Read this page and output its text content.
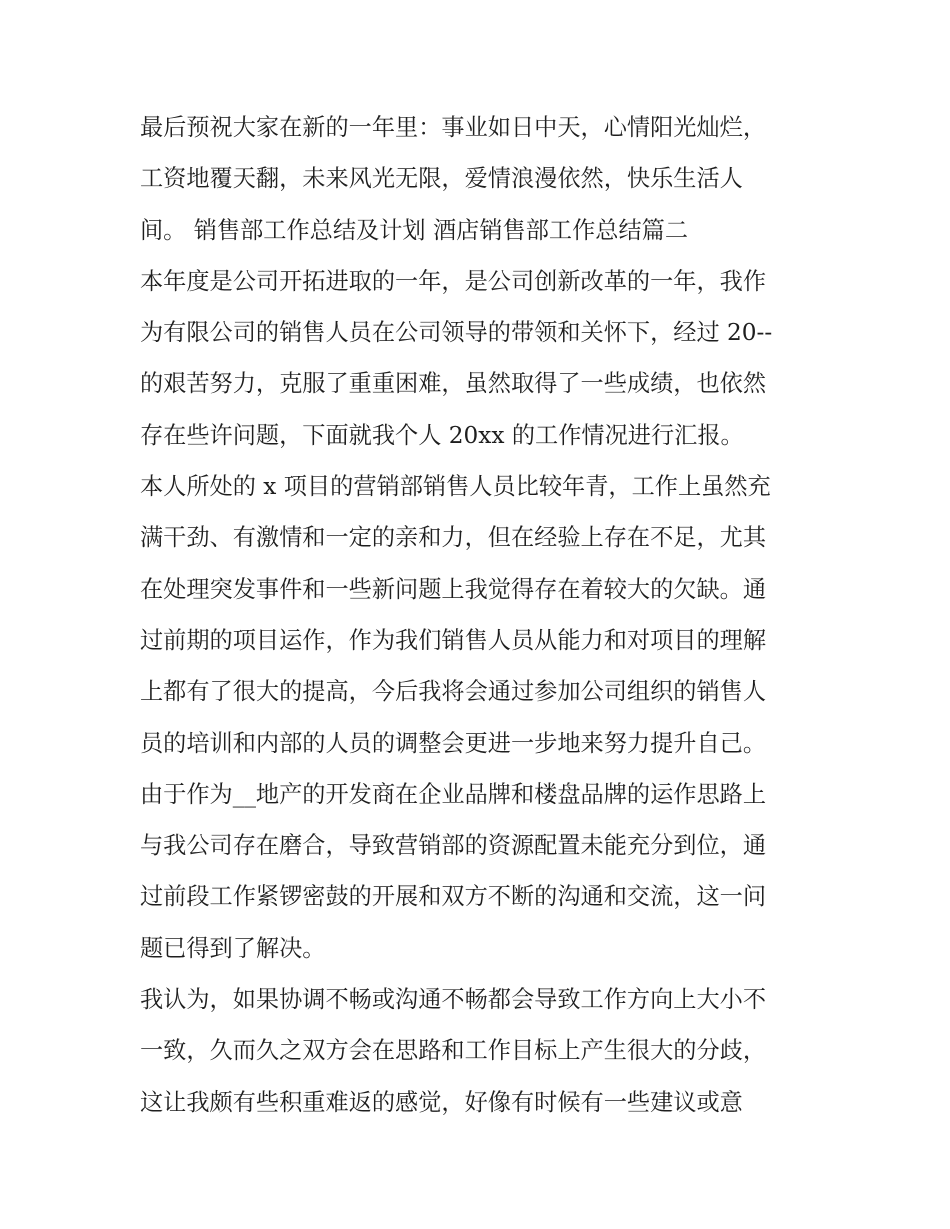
最后预祝大家在新的一年里：事业如日中天，心情阳光灿烂，
工资地覆天翻，未来风光无限，爱情浪漫依然，快乐生活人
间。 销售部工作总结及计划 酒店销售部工作总结篇二
本年度是公司开拓进取的一年，是公司创新改革的一年，我作
为有限公司的销售人员在公司领导的带领和关怀下，经过 20--
的艰苦努力，克服了重重困难，虽然取得了一些成绩，也依然
存在些许问题，下面就我个人 20xx 的工作情况进行汇报。
本人所处的 x 项目的营销部销售人员比较年青，工作上虽然充
满干劲、有激情和一定的亲和力，但在经验上存在不足，尤其
在处理突发事件和一些新问题上我觉得存在着较大的欠缺。通
过前期的项目运作，作为我们销售人员从能力和对项目的理解
上都有了很大的提高，今后我将会通过参加公司组织的销售人
员的培训和内部的人员的调整会更进一步地来努力提升自己。
由于作为__地产的开发商在企业品牌和楼盘品牌的运作思路上
与我公司存在磨合，导致营销部的资源配置未能充分到位，通
过前段工作紧锣密鼓的开展和双方不断的沟通和交流，这一问
题已得到了解决。
我认为，如果协调不畅或沟通不畅都会导致工作方向上大小不
一致，久而久之双方会在思路和工作目标上产生很大的分歧，
这让我颇有些积重难返的感觉，好像有时候有一些建议或意
